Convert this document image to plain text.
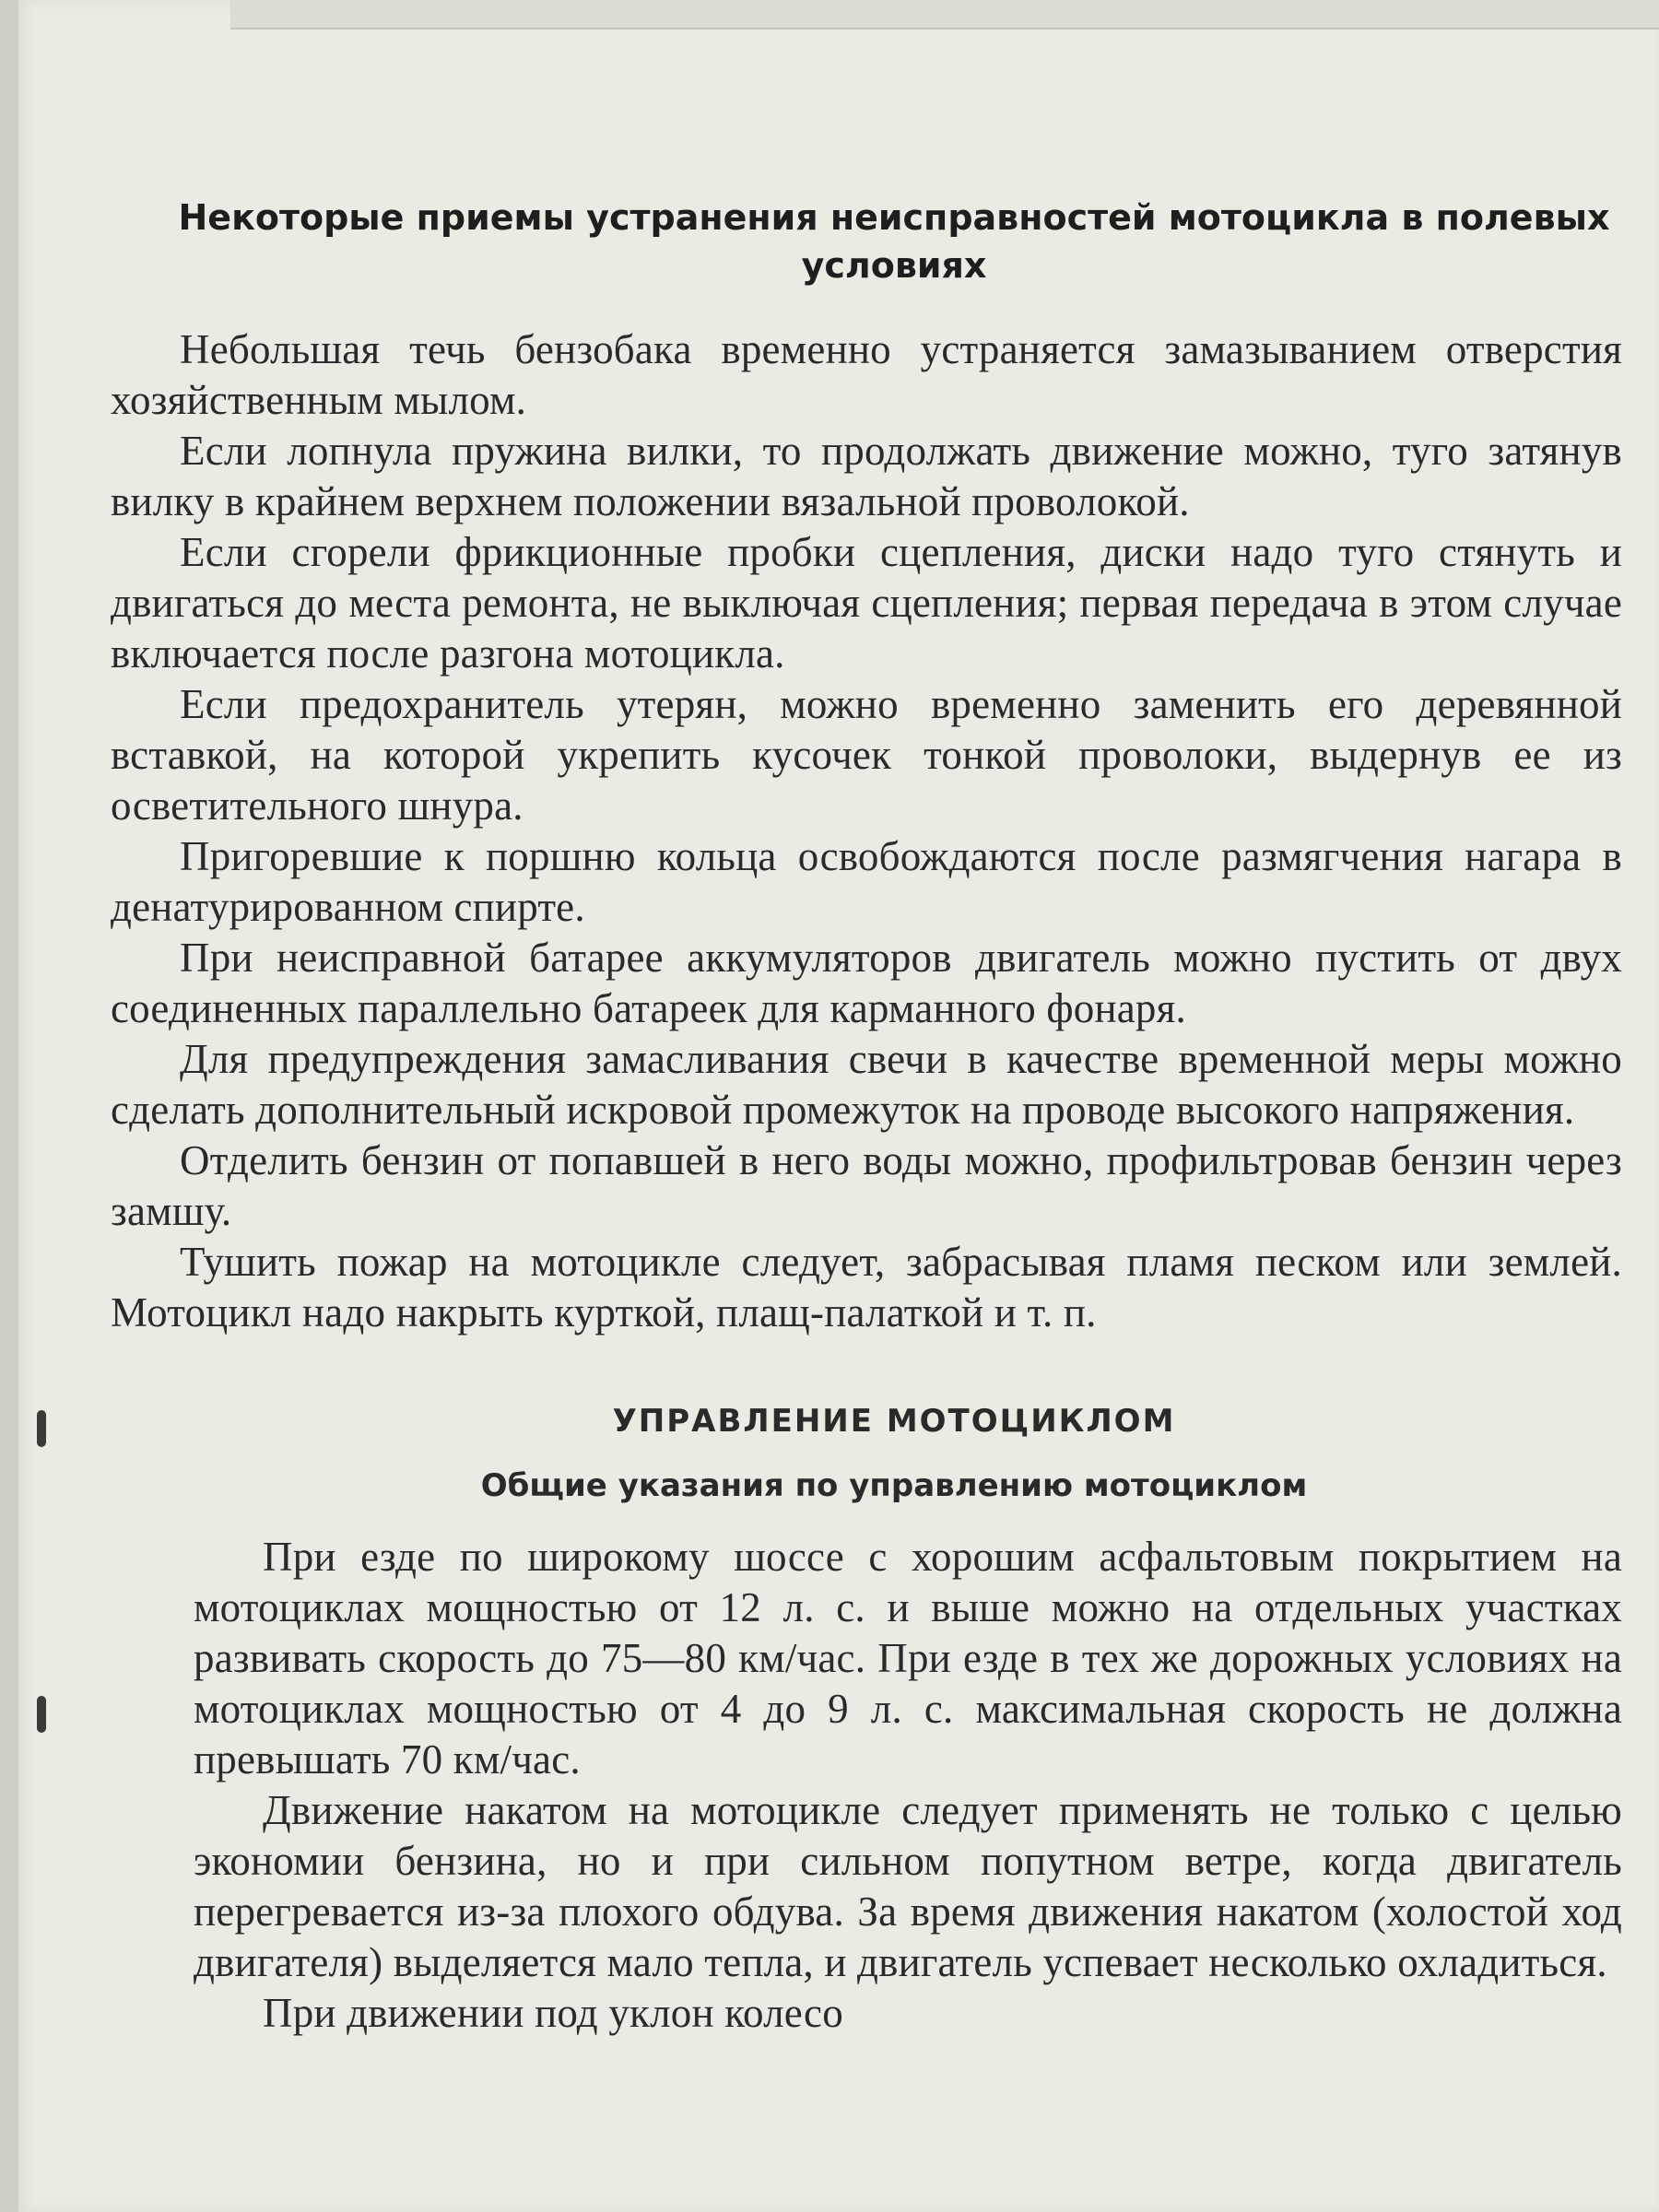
Некоторые приемы устранения неисправностей мотоцикла в полевых условиях

Небольшая течь бензобака временно устраняется замазыванием отверстия хозяйственным мылом.

Если лопнула пружина вилки, то продолжать движение можно, туго затянув вилку в крайнем верхнем положении вязальной проволокой.

Если сгорели фрикционные пробки сцепления, диски надо туго стянуть и двигаться до места ремонта, не выключая сцепления; первая передача в этом случае включается после разгона мотоцикла.

Если предохранитель утерян, можно временно заменить его деревянной вставкой, на которой укрепить кусочек тонкой проволоки, выдернув ее из осветительного шнура.

Пригоревшие к поршню кольца освобождаются после размягчения нагара в денатурированном спирте.

При неисправной батарее аккумуляторов двигатель можно пустить от двух соединенных параллельно батареек для карманного фонаря.

Для предупреждения замасливания свечи в качестве временной меры можно сделать дополнительный искровой промежуток на проводе высокого напряжения.

Отделить бензин от попавшей в него воды можно, профильтровав бензин через замшу.

Тушить пожар на мотоцикле следует, забрасывая пламя песком или землей. Мотоцикл надо накрыть курткой, плащ-палаткой и т. п.

УПРАВЛЕНИЕ МОТОЦИКЛОМ
Общие указания по управлению мотоциклом

При езде по широкому шоссе с хорошим асфальтовым покрытием на мотоциклах мощностью от 12 л. с. и выше можно на отдельных участках развивать скорость до 75—80 км/час. При езде в тех же дорожных условиях на мотоциклах мощностью от 4 до 9 л. с. максимальная скорость не должна превышать 70 км/час.

Движение накатом на мотоцикле следует применять не только с целью экономии бензина, но и при сильном попутном ветре, когда двигатель перегревается из-за плохого обдува. За время движения накатом (холостой ход двигателя) выделяется мало тепла, и двигатель успевает несколько охладиться.

При движении под уклон колесо
